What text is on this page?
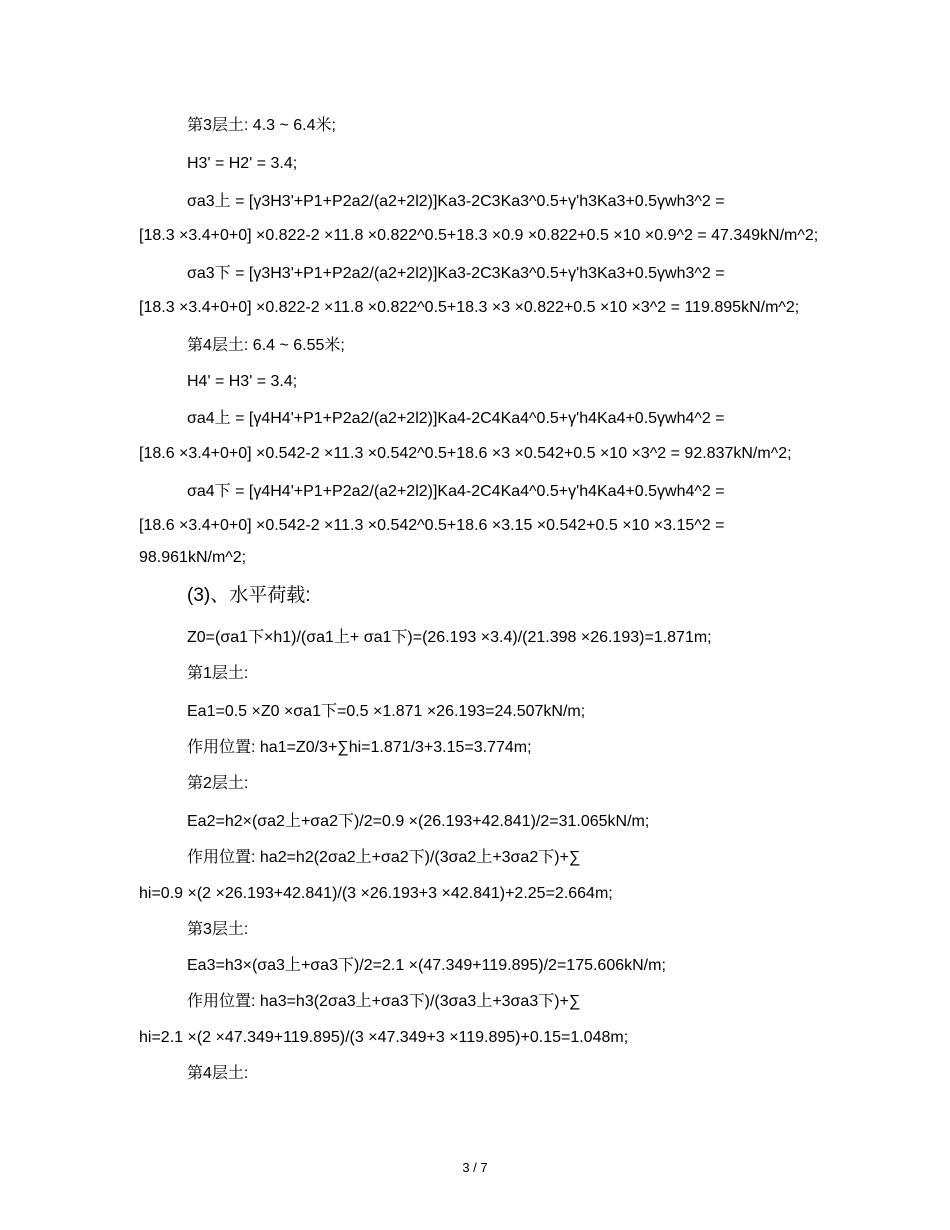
第3层土: 4.3 ~ 6.4米;
H3' = H2' = 3.4;
σa3上 = [γ3H3'+P1+P2a2/(a2+2l2)]Ka3-2C3Ka3^0.5+γ'h3Ka3+0.5γwh3^2 =
[18.3 ×3.4+0+0] ×0.822-2 ×11.8 ×0.822^0.5+18.3 ×0.9 ×0.822+0.5 ×10 ×0.9^2 = 47.349kN/m^2;
σa3下 = [γ3H3'+P1+P2a2/(a2+2l2)]Ka3-2C3Ka3^0.5+γ'h3Ka3+0.5γwh3^2 =
[18.3 ×3.4+0+0] ×0.822-2 ×11.8 ×0.822^0.5+18.3 ×3 ×0.822+0.5 ×10 ×3^2 = 119.895kN/m^2;
第4层土: 6.4 ~ 6.55米;
H4' = H3' = 3.4;
σa4上 = [γ4H4'+P1+P2a2/(a2+2l2)]Ka4-2C4Ka4^0.5+γ'h4Ka4+0.5γwh4^2 =
[18.6 ×3.4+0+0] ×0.542-2 ×11.3 ×0.542^0.5+18.6 ×3 ×0.542+0.5 ×10 ×3^2 = 92.837kN/m^2;
σa4下 = [γ4H4'+P1+P2a2/(a2+2l2)]Ka4-2C4Ka4^0.5+γ'h4Ka4+0.5γwh4^2 =
[18.6 ×3.4+0+0] ×0.542-2 ×11.3 ×0.542^0.5+18.6 ×3.15 ×0.542+0.5 ×10 ×3.15^2 =
98.961kN/m^2;
(3)、水平荷载:
Z0=(σa1下×h1)/(σa1上+ σa1下)=(26.193 ×3.4)/(21.398 ×26.193)=1.871m;
第1层土:
Ea1=0.5 ×Z0 ×σa1下=0.5 ×1.871 ×26.193=24.507kN/m;
作用位置: ha1=Z0/3+∑hi=1.871/3+3.15=3.774m;
第2层土:
Ea2=h2×(σa2上+σa2下)/2=0.9 ×(26.193+42.841)/2=31.065kN/m;
作用位置: ha2=h2(2σa2上+σa2下)/(3σa2上+3σa2下)+∑
hi=0.9 ×(2 ×26.193+42.841)/(3 ×26.193+3 ×42.841)+2.25=2.664m;
第3层土:
Ea3=h3×(σa3上+σa3下)/2=2.1 ×(47.349+119.895)/2=175.606kN/m;
作用位置: ha3=h3(2σa3上+σa3下)/(3σa3上+3σa3下)+∑
hi=2.1 ×(2 ×47.349+119.895)/(3 ×47.349+3 ×119.895)+0.15=1.048m;
第4层土:
3 / 7
